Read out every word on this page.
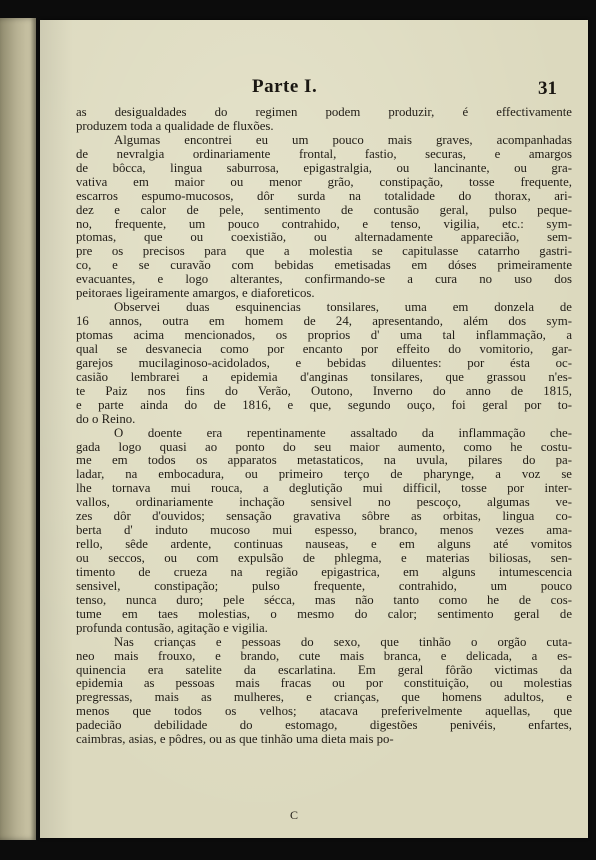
Parte I.	31
as desigualdades do regimen podem produzir, é effectivamente
produzem toda a qualidade de fluxões.
Algumas encontrei eu um pouco mais graves, acompanhadas
de nevralgia ordinariamente frontal, fastio, securas, e amargos
de bôcca, lingua saburrosa, epigastralgia, ou lancinante, ou gra-
vativa em maior ou menor grão, constipação, tosse frequente,
escarros espumo-mucosos, dôr surda na totalidade do thorax, ari-
dez e calor de pele, sentimento de contusão geral, pulso peque-
no, frequente, um pouco contrahido, e tenso, vigilia, etc.: sym-
ptomas, que ou coexistião, ou alternadamente apparecião, sem-
pre os precisos para que a molestia se capitulasse catarrho gastri-
co, e se curavão com bebidas emetisadas em dóses primeiramente
evacuantes, e logo alterantes, confirmando-se a cura no uso dos
peitoraes ligeiramente amargos, e diaforeticos.
Observei duas esquinencias tonsilares, uma em donzela de
16 annos, outra em homem de 24, apresentando, além dos sym-
ptomas acima mencionados, os proprios d' uma tal inflammação, a
qual se desvanecia como por encanto por effeito do vomitorio, gar-
garejos mucilaginoso-acidolados, e bebidas diluentes: por ésta oc-
casião lembrarei a epidemia d'anginas tonsilares, que grassou n'es-
te Paiz nos fins do Verão, Outono, Inverno do anno de 1815,
e parte ainda do de 1816, e que, segundo ouço, foi geral por to-
do o Reino.
O doente era repentinamente assaltado da inflammação che-
gada logo quasi ao ponto do seu maior aumento, como he costu-
me em todos os apparatos metastaticos, na uvula, pilares do pa-
ladar, na embocadura, ou primeiro terço de pharynge, a voz se
lhe tornava mui rouca, a deglutição mui difficil, tosse por inter-
vallos, ordinariamente inchação sensivel no pescoço, algumas ve-
zes dôr d'ouvidos; sensação gravativa sôbre as orbitas, lingua co-
berta d' induto mucoso mui espesso, branco, menos vezes ama-
rello, sêde ardente, continuas nauseas, e em alguns até vomitos
ou seccos, ou com expulsão de phlegma, e materias biliosas, sen-
timento de crueza na região epigastrica, em alguns intumescencia
sensivel, constipação; pulso frequente, contrahido, um pouco
tenso, nunca duro; pele sécca, mas não tanto como he de cos-
tume em taes molestias, o mesmo do calor; sentimento geral de
profunda contusão, agitação e vigilia.
Nas crianças e pessoas do sexo, que tinhão o orgão cuta-
neo mais frouxo, e brando, cute mais branca, e delicada, a es-
quinencia era satelite da escarlatina. Em geral fôrão victimas da
epidemia as pessoas mais fracas ou por constituição, ou molestias
pregressas, mais as mulheres, e crianças, que homens adultos, e
menos que todos os velhos; atacava preferivelmente aquellas, que
padecião debilidade do estomago, digestões penivéis, enfartes,
caimbras, asias, e pôdres, ou as que tinhão uma dieta mais po-
C
